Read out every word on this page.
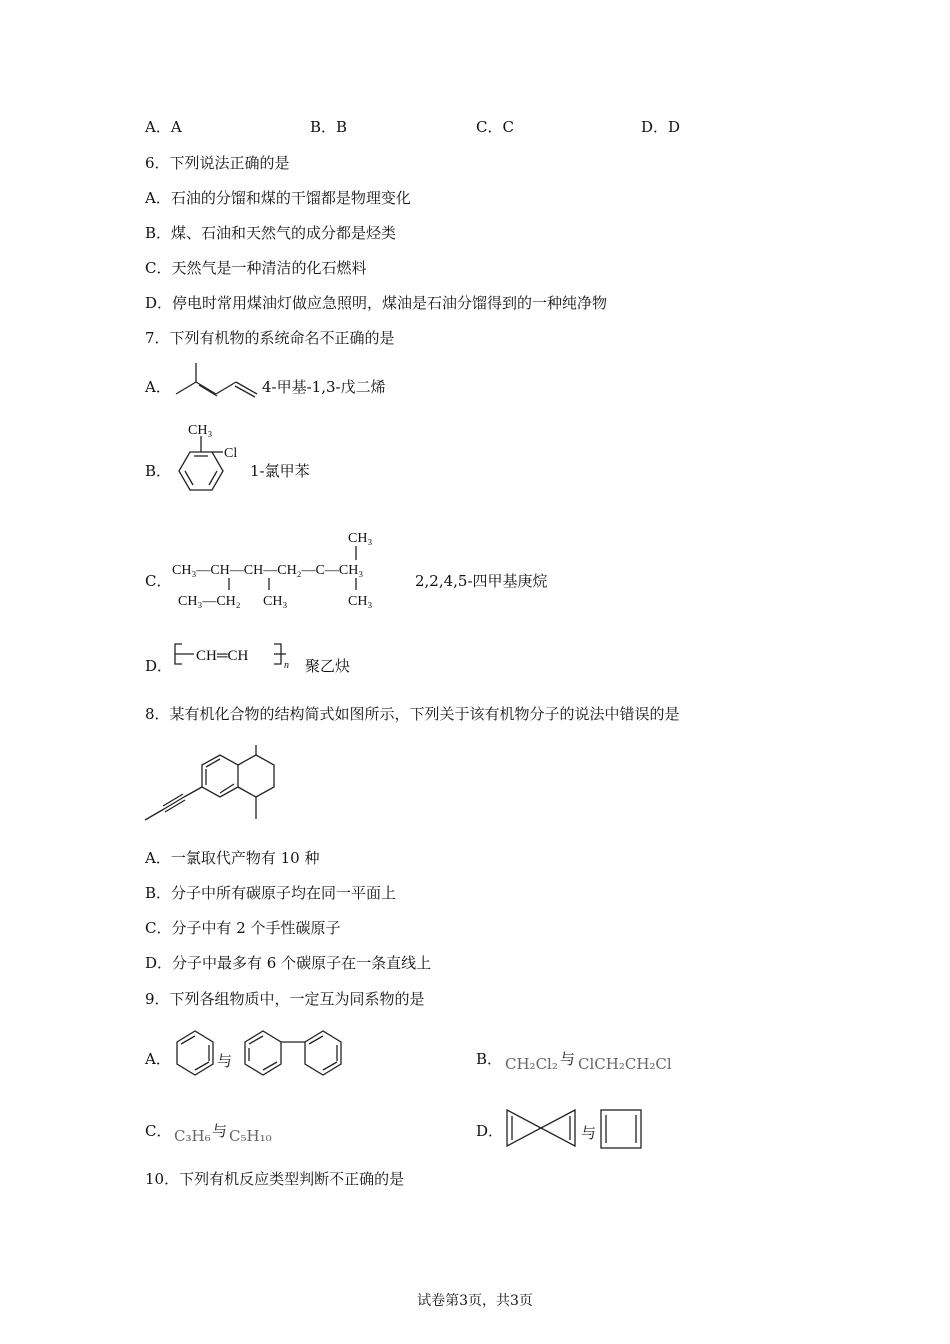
A．A	B．B	C．C	D．D
6．下列说法正确的是
A．石油的分馏和煤的干馏都是物理变化
B．煤、石油和天然气的成分都是烃类
C．天然气是一种清洁的化石燃料
D．停电时常用煤油灯做应急照明，煤油是石油分馏得到的一种纯净物
7．下列有机物的系统命名不正确的是
A．	4-甲基-1,3-戊二烯
B．
CH₃
Cl
1-氯甲苯
C．
CH₃
CH₃—CH—CH—CH₂—C—CH₃
CH₃—CH₂ CH₃	CH₃
2,2,4,5-四甲基庚烷
D．
CH═CH
n 聚乙炔
8．某有机化合物的结构简式如图所示，下列关于该有机物分子的说法中错误的是
A．一氯取代产物有 10 种
B．分子中所有碳原子均在同一平面上
C．分子中有 2 个手性碳原子
D．分子中最多有 6 个碳原子在一条直线上
9．下列各组物质中，一定互为同系物的是
A．	与	B． CH₂Cl₂ 与 ClCH₂CH₂Cl
C． C₃H₆ 与 C₅H₁₀	D．	与
10．下列有机反应类型判断不正确的是
试卷第3页，共3页
